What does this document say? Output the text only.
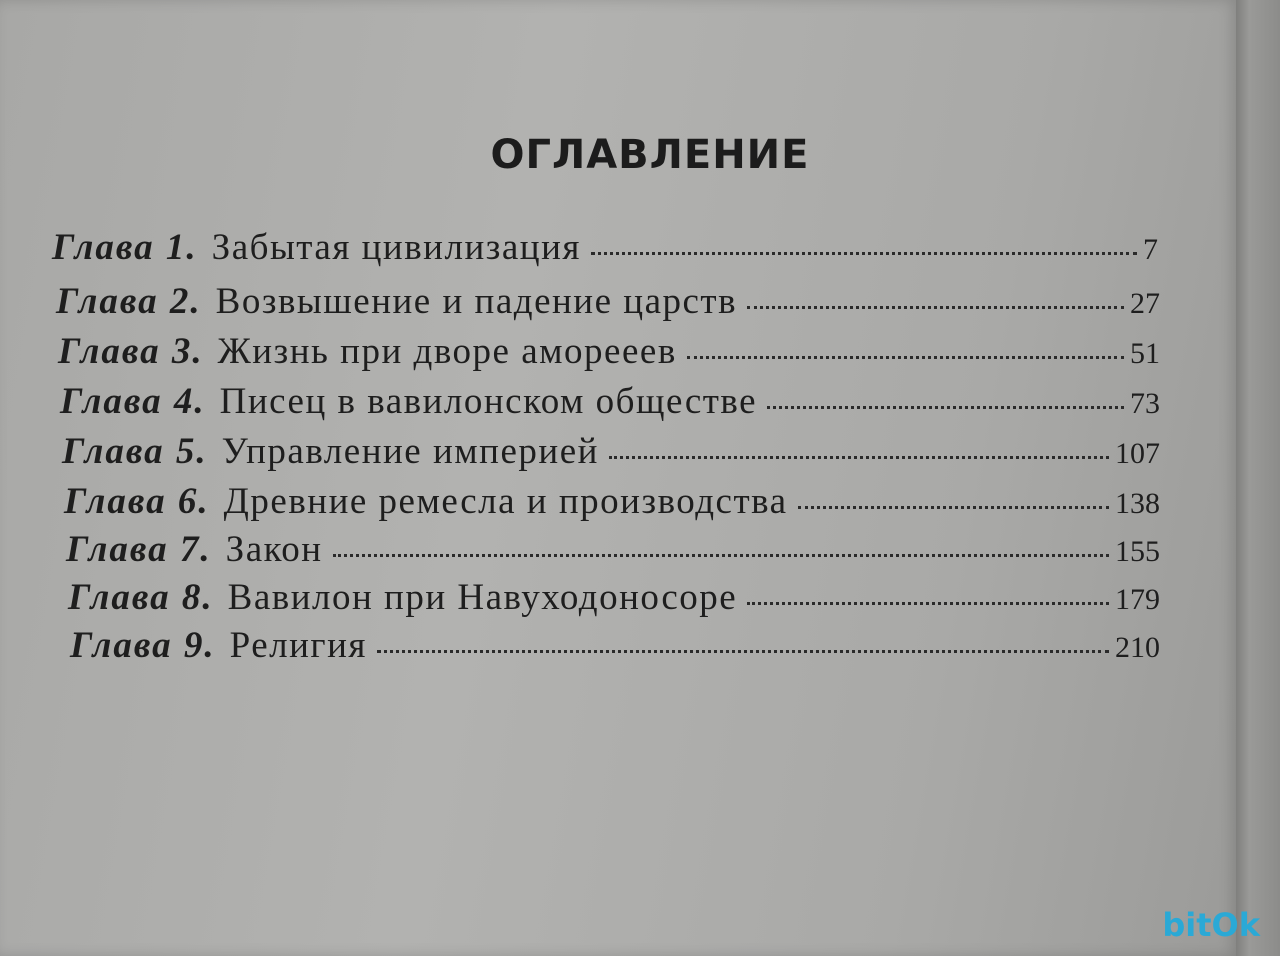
ОГЛАВЛЕНИЕ
Глава 1. Забытая цивилизация	7
Глава 2. Возвышение и падение царств	27
Глава 3. Жизнь при дворе аморееев	51
Глава 4. Писец в вавилонском обществе	73
Глава 5. Управление империей	107
Глава 6. Древние ремесла и производства	138
Глава 7. Закон	155
Глава 8. Вавилон при Навуходоносоре	179
Глава 9. Религия	210
bitOk
